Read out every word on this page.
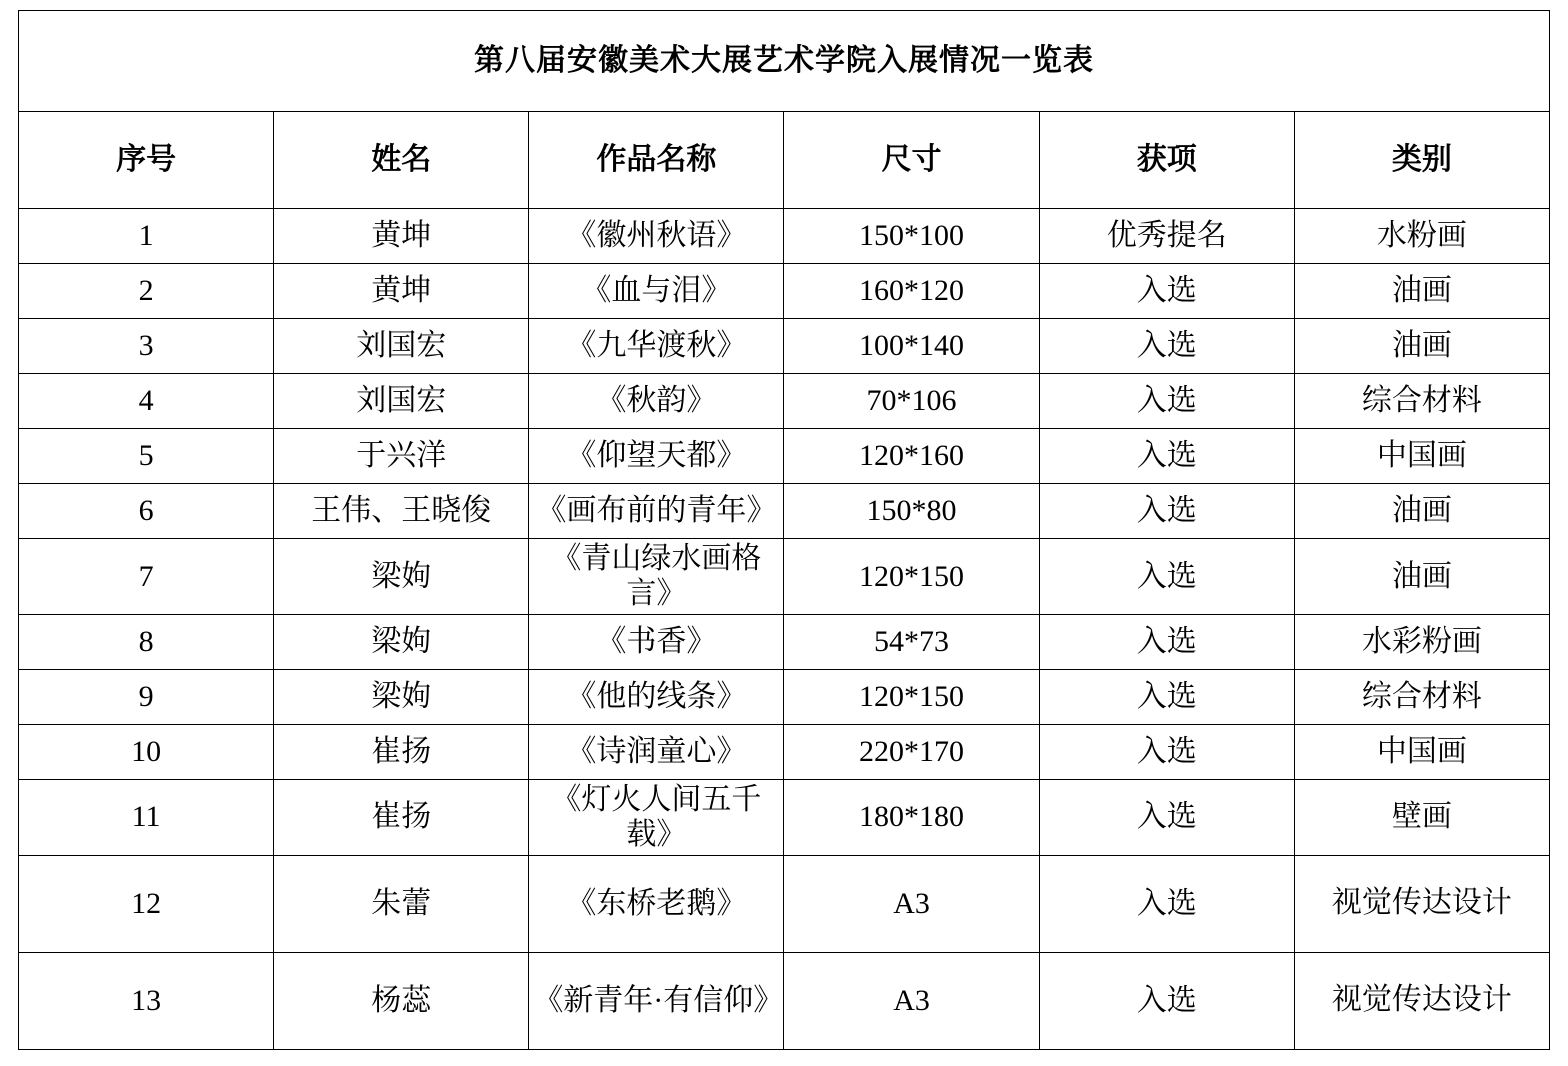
第八届安徽美术大展艺术学院入展情况一览表					
序号	姓名	作品名称	尺寸	获项	类别
1	黄坤	《徽州秋语》	150*100	优秀提名	水粉画
2	黄坤	《血与泪》	160*120	入选	油画
3	刘国宏	《九华渡秋》	100*140	入选	油画
4	刘国宏	《秋韵》	70*106	入选	综合材料
5	于兴洋	《仰望天都》	120*160	入选	中国画
6	王伟、王晓俊	《画布前的青年》	150*80	入选	油画
7	梁姁	《青山绿水画格言》	120*150	入选	油画
8	梁姁	《书香》	54*73	入选	水彩粉画
9	梁姁	《他的线条》	120*150	入选	综合材料
10	崔扬	《诗润童心》	220*170	入选	中国画
11	崔扬	《灯火人间五千载》	180*180	入选	壁画
12	朱蕾	《东桥老鹅》	A3	入选	视觉传达设计

13	杨蕊	《新青年·有信仰》	A3	入选	视觉传达设计
